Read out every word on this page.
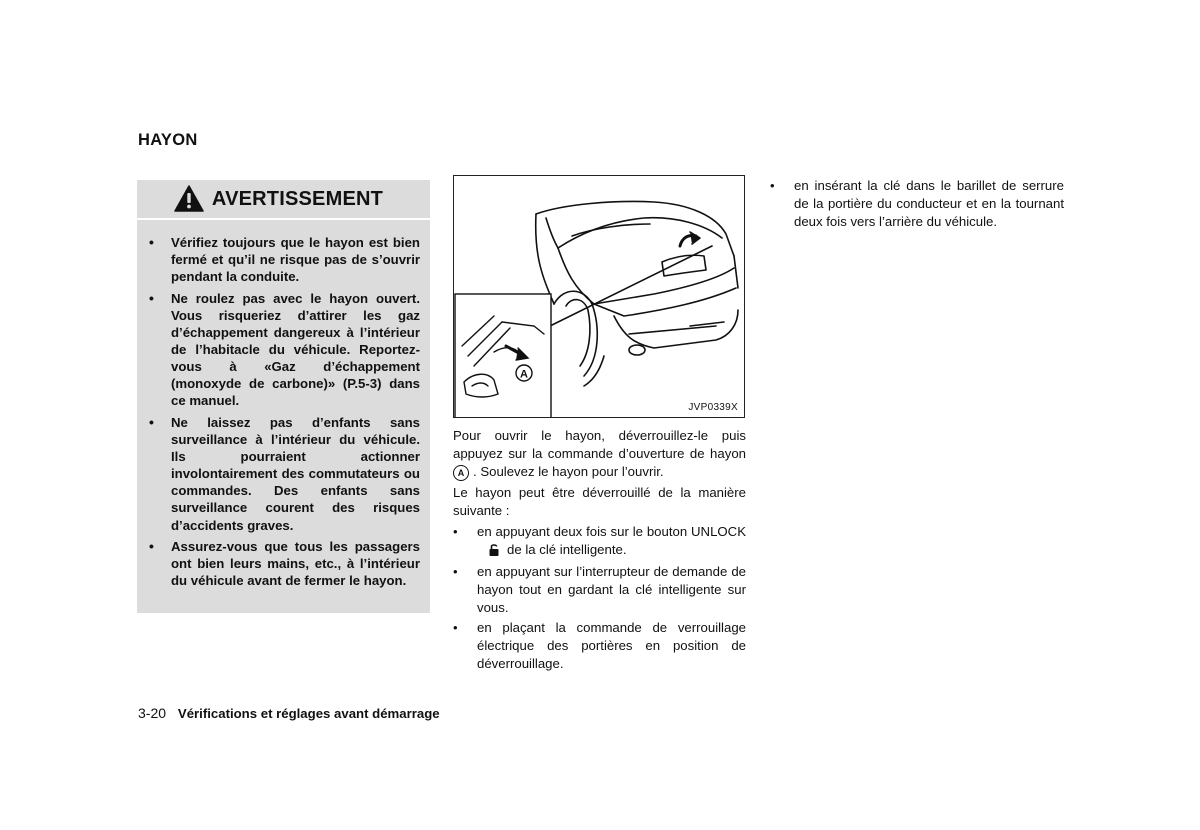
HAYON
AVERTISSEMENT
• Vérifiez toujours que le hayon est bien fermé et qu’il ne risque pas de s’ouvrir pendant la conduite.
• Ne roulez pas avec le hayon ouvert. Vous risqueriez d’attirer les gaz d’échappement dangereux à l’intérieur de l’habitacle du véhicule. Reportez-vous à «Gaz d’échappement (monoxyde de carbone)» (P.5-3) dans ce manuel.
• Ne laissez pas d’enfants sans surveillance à l’intérieur du véhicule. Ils pourraient actionner involontairement des commutateurs ou commandes. Des enfants sans surveillance courent des risques d’accidents graves.
• Assurez-vous que tous les passagers ont bien leurs mains, etc., à l’intérieur du véhicule avant de fermer le hayon.
A
JVP0339X

Pour ouvrir le hayon, déverrouillez-le puis appuyez sur la commande d’ouverture de hayon A . Soulevez le hayon pour l’ouvrir.

Le hayon peut être déverrouillé de la manière suivante :

• en appuyant deux fois sur le bouton UNLOCKde la clé intelligente.
• en appuyant sur l’interrupteur de demande de hayon tout en gardant la clé intelligente sur vous.
• en plaçant la commande de verrouillage électrique des portières en position de déverrouillage.
• en insérant la clé dans le barillet de serrure de la portière du conducteur et en la tournant deux fois vers l’arrière du véhicule.
3-20 Vérifications et réglages avant démarrage
